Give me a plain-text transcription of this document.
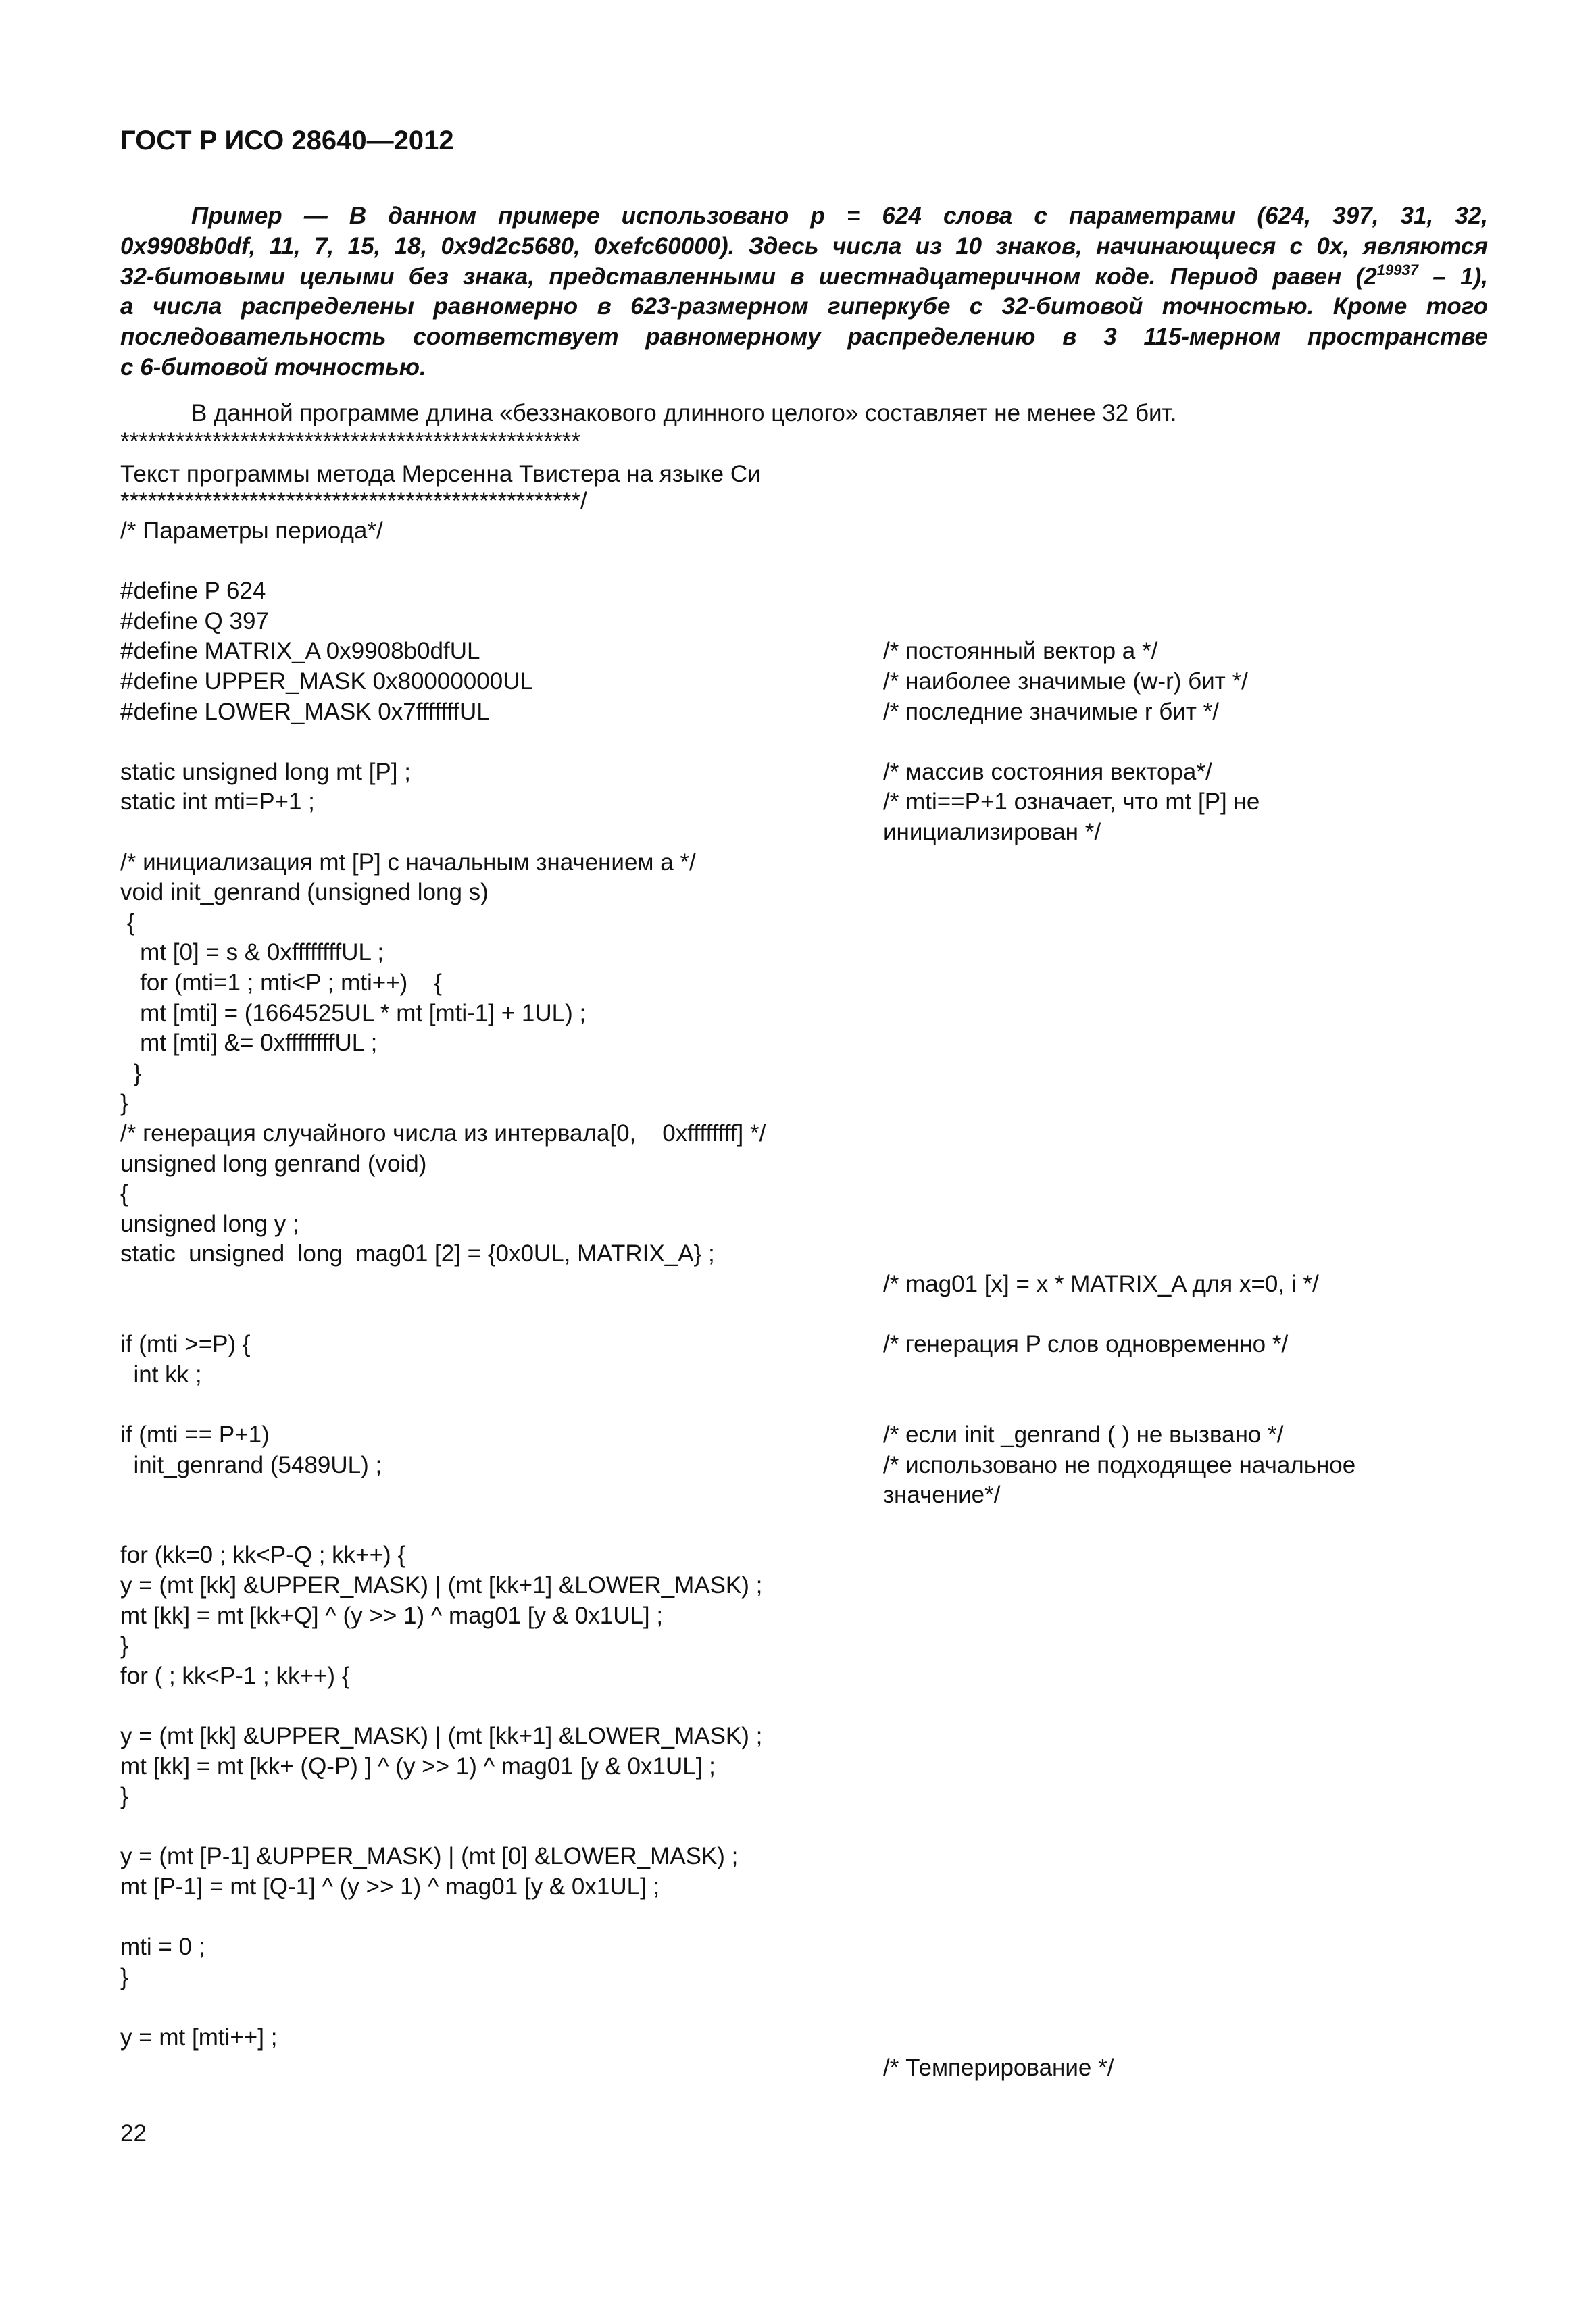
ГОСТ Р ИСО 28640—2012
Пример — В данном примере использовано p = 624 слова с параметрами (624, 397, 31, 32,
0x9908b0df, 11, 7, 15, 18, 0x9d2c5680, 0xefc60000). Здесь числа из 10 знаков, начинающиеся с 0x, являются
32-битовыми целыми без знака, представленными в шестнадцатеричном коде. Период равен $(2^{19937} - 1)$,
а числа распределены равномерно в 623-размерном гиперкубе с 32-битовой точностью. Кроме того
последовательность соответствует равномерному распределению в 3 115-мерном пространстве
с 6-битовой точностью.
В данной программе длина «беззнакового длинного целого» составляет не менее 32 бит.
**************************************************
Текст программы метода Мерсенна Твистера на языке Си
**************************************************/
/* Параметры периода*/
#define P 624
#define Q 397
#define MATRIX_A 0x9908b0dfUL
#define UPPER_MASK 0x80000000UL
#define LOWER_MASK 0x7fffffffUL
static unsigned long mt [P] ;
static int mti=P+1 ;
/* инициализация mt [P] с начальным значением а */
void init_genrand (unsigned long s)
{
mt [0] = s & 0xffffffffUL ;
for (mti=1 ; mti<P ; mti++)    {
mt [mti] = (1664525UL * mt [mti-1] + 1UL) ;
mt [mti] &= 0xffffffffUL ;
}
}
/* генерация случайного числа из интервала[0,    0xffffffff] */
unsigned long genrand (void)
{
unsigned long y ;
static  unsigned  long  mag01 [2] = {0x0UL, MATRIX_A} ;
if (mti >=P) {
int kk ;
if (mti == P+1)
init_genrand (5489UL) ;
for (kk=0 ; kk<P-Q ; kk++) {
y = (mt [kk] &UPPER_MASK) | (mt [kk+1] &LOWER_MASK) ;
mt [kk] = mt [kk+Q] ^ (y >> 1) ^ mag01 [y & 0x1UL] ;
}
for ( ; kk<P-1 ; kk++) {
y = (mt [kk] &UPPER_MASK) | (mt [kk+1] &LOWER_MASK) ;
mt [kk] = mt [kk+ (Q-P) ] ^ (y >> 1) ^ mag01 [y & 0x1UL] ;
}
y = (mt [P-1] &UPPER_MASK) | (mt [0] &LOWER_MASK) ;
mt [P-1] = mt [Q-1] ^ (y >> 1) ^ mag01 [y & 0x1UL] ;
mti = 0 ;
}
y = mt [mti++] ;
/* постоянный вектор a */
/* наиболее значимые (w-r) бит */
/* последние значимые r бит */
/* массив состояния вектора*/
/* mti==P+1 означает, что mt [P] не
инициализирован */
/* mag01 [x] = x * MATRIX_A для x=0, i */
/* генерация P слов одновременно */
/* если init _genrand ( ) не вызвано */
/* использовано не подходящее начальное
значение*/
/* Темперирование */
22
